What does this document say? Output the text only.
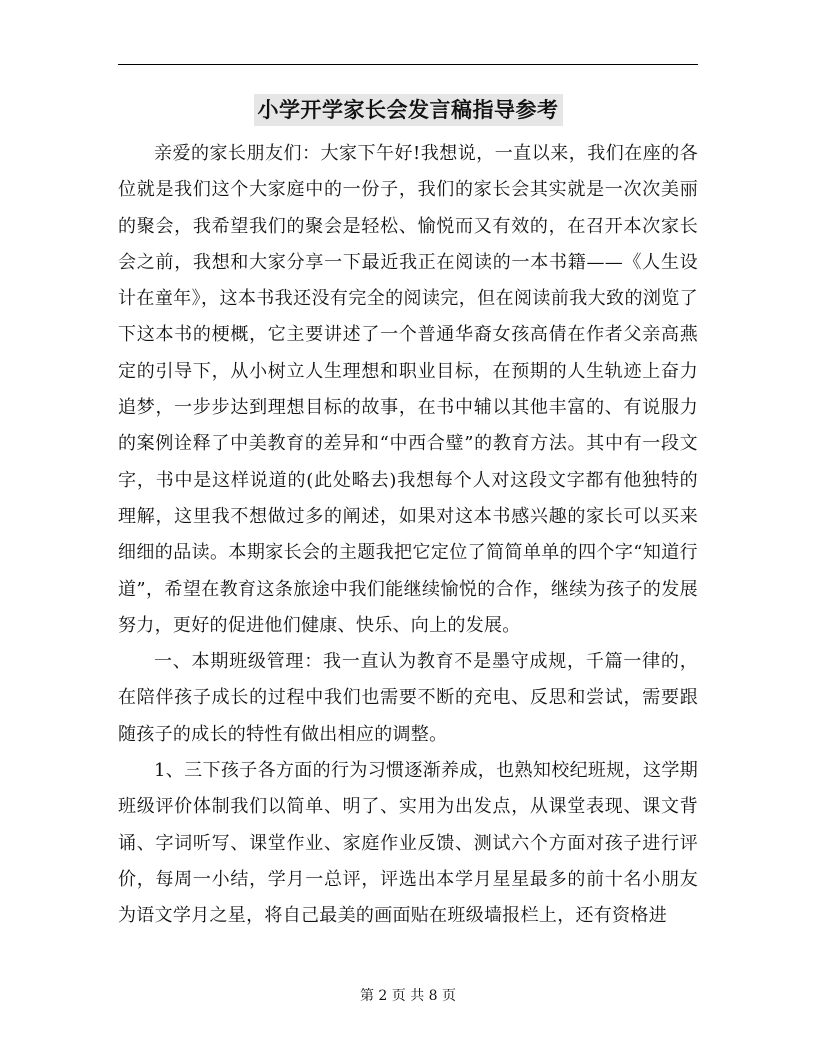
小学开学家长会发言稿指导参考

亲爱的家长朋友们：大家下午好!我想说，一直以来，我们在座的各位就是我们这个大家庭中的一份子，我们的家长会其实就是一次次美丽的聚会，我希望我们的聚会是轻松、愉悦而又有效的，在召开本次家长会之前，我想和大家分享一下最近我正在阅读的一本书籍——《人生设计在童年》，这本书我还没有完全的阅读完，但在阅读前我大致的浏览了下这本书的梗概，它主要讲述了一个普通华裔女孩高倩在作者父亲高燕定的引导下，从小树立人生理想和职业目标，在预期的人生轨迹上奋力追梦，一步步达到理想目标的故事，在书中辅以其他丰富的、有说服力的案例诠释了中美教育的差异和“中西合璧”的教育方法。其中有一段文字，书中是这样说道的(此处略去)我想每个人对这段文字都有他独特的理解，这里我不想做过多的阐述，如果对这本书感兴趣的家长可以买来细细的品读。本期家长会的主题我把它定位了简简单单的四个字“知道行道”，希望在教育这条旅途中我们能继续愉悦的合作，继续为孩子的发展努力，更好的促进他们健康、快乐、向上的发展。

一、本期班级管理：我一直认为教育不是墨守成规，千篇一律的，在陪伴孩子成长的过程中我们也需要不断的充电、反思和尝试，需要跟随孩子的成长的特性有做出相应的调整。

1、三下孩子各方面的行为习惯逐渐养成，也熟知校纪班规，这学期班级评价体制我们以简单、明了、实用为出发点，从课堂表现、课文背诵、字词听写、课堂作业、家庭作业反馈、测试六个方面对孩子进行评价，每周一小结，学月一总评，评选出本学月星星最多的前十名小朋友为语文学月之星，将自己最美的画面贴在班级墙报栏上，还有资格进

第 2 页 共 8 页
